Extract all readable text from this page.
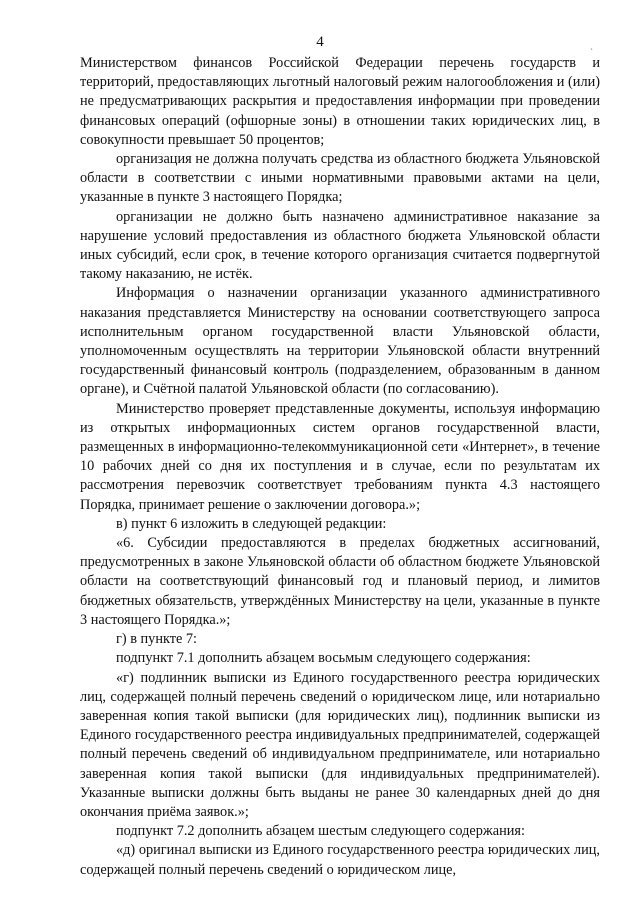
4	ˎ

Министерством финансов Российской Федерации перечень государств и территорий, предоставляющих льготный налоговый режим налогообложения и (или) не предусматривающих раскрытия и предоставления информации при проведении финансовых операций (офшорные зоны) в отношении таких юридических лиц, в совокупности превышает 50 процентов;

организация не должна получать средства из областного бюджета Ульяновской области в соответствии с иными нормативными правовыми актами на цели, указанные в пункте 3 настоящего Порядка;

организации не должно быть назначено административное наказание за нарушение условий предоставления из областного бюджета Ульяновской области иных субсидий, если срок, в течение которого организация считается подвергнутой такому наказанию, не истёк.

Информация о назначении организации указанного административного наказания представляется Министерству на основании соответствующего запроса исполнительным органом государственной власти Ульяновской области, уполномоченным осуществлять на территории Ульяновской области внутренний государственный финансовый контроль (подразделением, образованным в данном органе), и Счётной палатой Ульяновской области (по согласованию).

Министерство проверяет представленные документы, используя информацию из открытых информационных систем органов государственной власти, размещенных в информационно-телекоммуникационной сети «Интернет», в течение 10 рабочих дней со дня их поступления и в случае, если по результатам их рассмотрения перевозчик соответствует требованиям пункта 4.3 настоящего Порядка, принимает решение о заключении договора.»;

в) пункт 6 изложить в следующей редакции:

«6. Субсидии предоставляются в пределах бюджетных ассигнований, предусмотренных в законе Ульяновской области об областном бюджете Ульяновской области на соответствующий финансовый год и плановый период, и лимитов бюджетных обязательств, утверждённых Министерству на цели, указанные в пункте 3 настоящего Порядка.»;

г) в пункте 7:

подпункт 7.1 дополнить абзацем восьмым следующего содержания:

«г) подлинник выписки из Единого государственного реестра юридических лиц, содержащей полный перечень сведений о юридическом лице, или нотариально заверенная копия такой выписки (для юридических лиц), подлинник выписки из Единого государственного реестра индивидуальных предпринимателей, содержащей полный перечень сведений об индивидуальном предпринимателе, или нотариально заверенная копия такой выписки (для индивидуальных предпринимателей). Указанные выписки должны быть выданы не ранее 30 календарных дней до дня окончания приёма заявок.»;

подпункт 7.2 дополнить абзацем шестым следующего содержания:

«д) оригинал выписки из Единого государственного реестра юридических лиц, содержащей полный перечень сведений о юридическом лице,
